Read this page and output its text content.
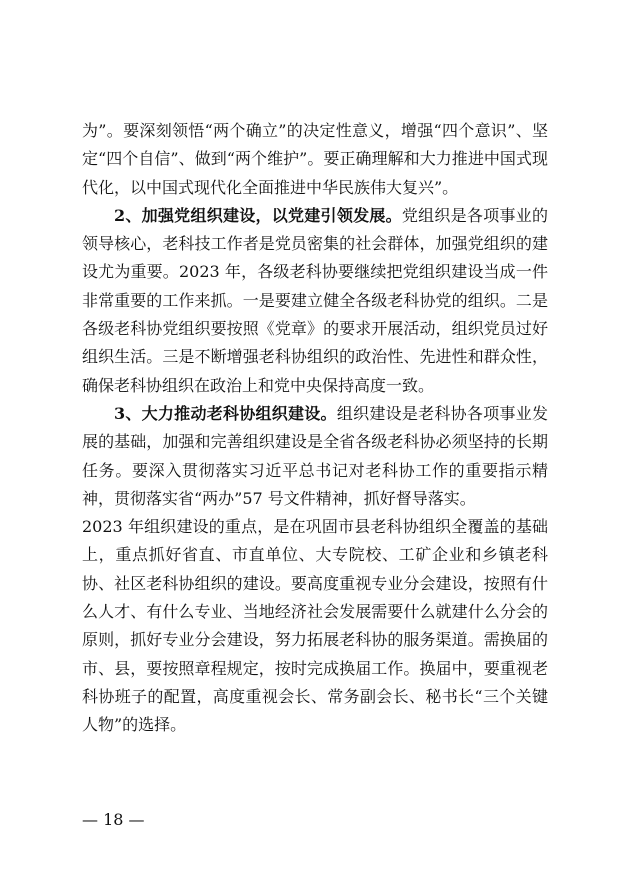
为”。要深刻领悟“两个确立”的决定性意义，增强“四个意识”、坚定“四个自信”、做到“两个维护”。要正确理解和大力推进中国式现代化，以中国式现代化全面推进中华民族伟大复兴”。

2、加强党组织建设，以党建引领发展。党组织是各项事业的领导核心，老科技工作者是党员密集的社会群体，加强党组织的建设尤为重要。2023 年，各级老科协要继续把党组织建设当成一件非常重要的工作来抓。一是要建立健全各级老科协党的组织。二是各级老科协党组织要按照《党章》的要求开展活动，组织党员过好组织生活。三是不断增强老科协组织的政治性、先进性和群众性，确保老科协组织在政治上和党中央保持高度一致。

3、大力推动老科协组织建设。组织建设是老科协各项事业发展的基础，加强和完善组织建设是全省各级老科协必须坚持的长期任务。要深入贯彻落实习近平总书记对老科协工作的重要指示精神，贯彻落实省“两办”57 号文件精神，抓好督导落实。

2023 年组织建设的重点，是在巩固市县老科协组织全覆盖的基础上，重点抓好省直、市直单位、大专院校、工矿企业和乡镇老科协、社区老科协组织的建设。要高度重视专业分会建设，按照有什么人才、有什么专业、当地经济社会发展需要什么就建什么分会的原则，抓好专业分会建设，努力拓展老科协的服务渠道。需换届的市、县，要按照章程规定，按时完成换届工作。换届中，要重视老科协班子的配置，高度重视会长、常务副会长、秘书长“三个关键人物”的选择。

— 18 —
